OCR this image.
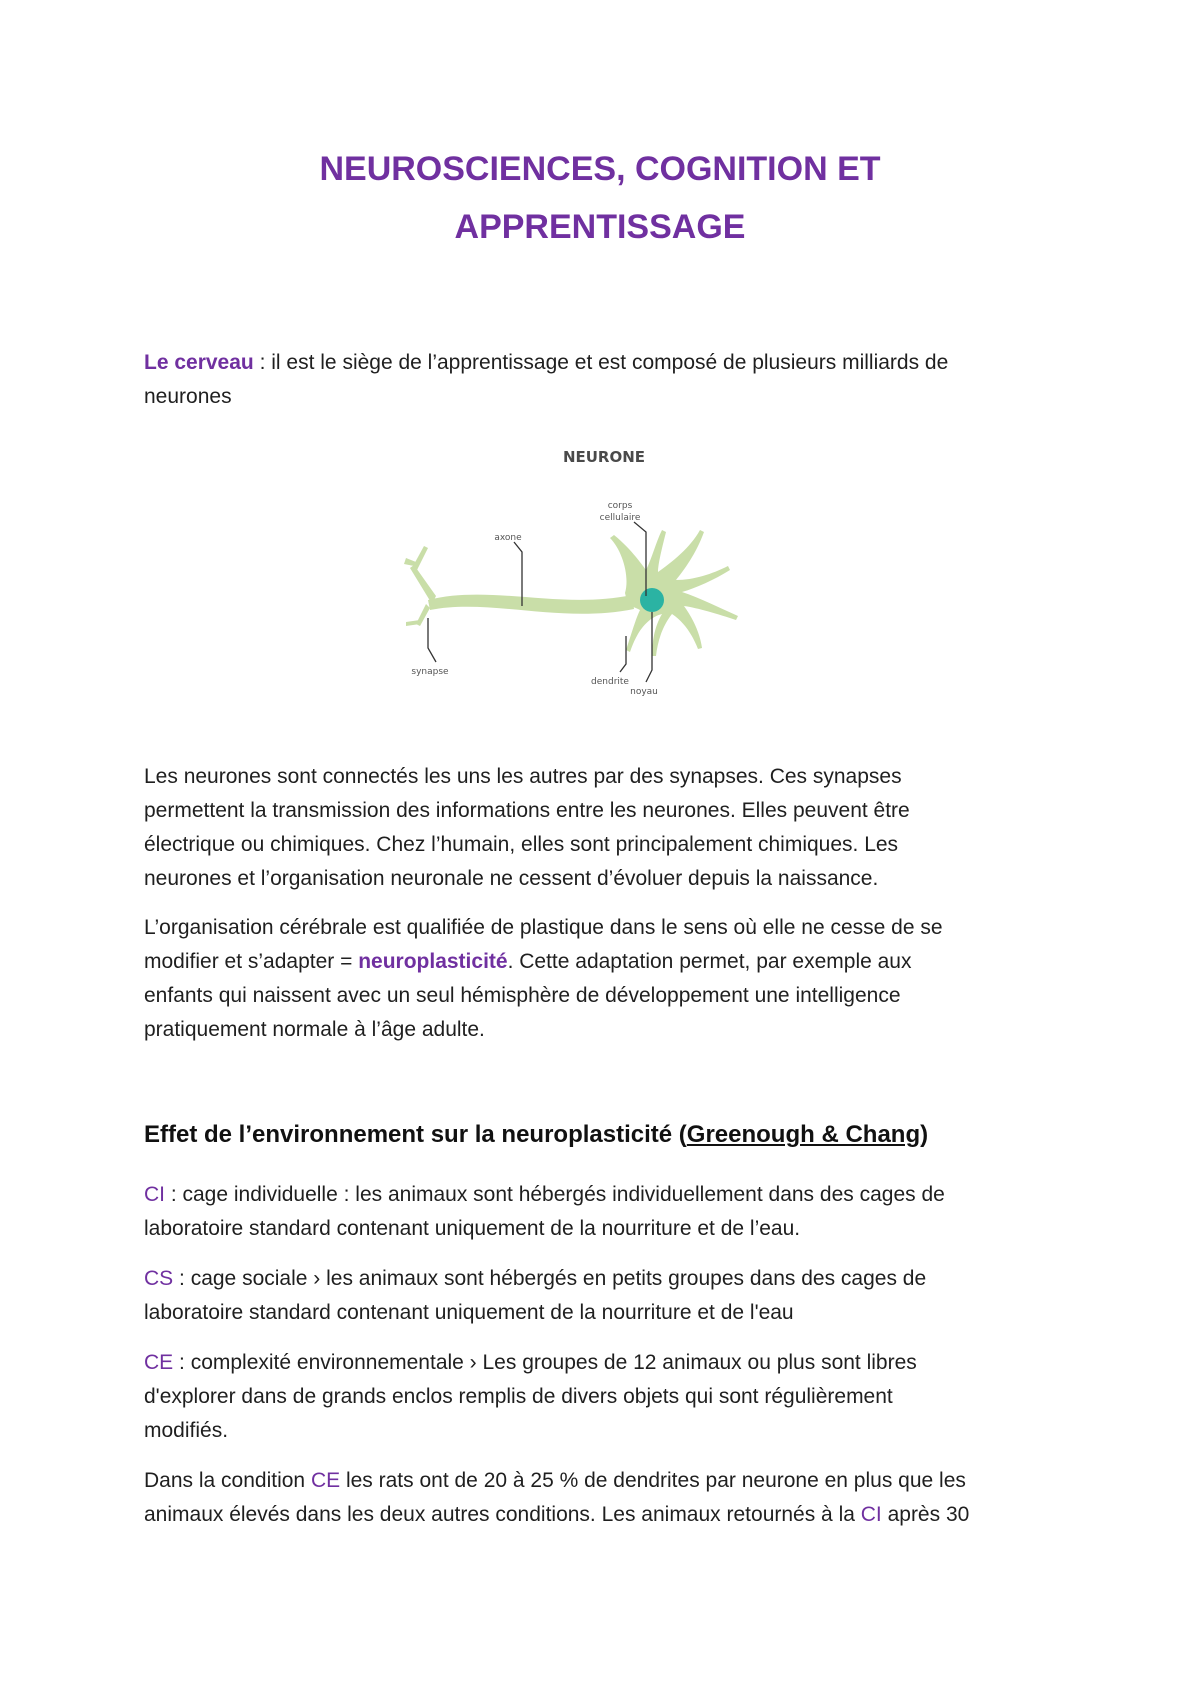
NEUROSCIENCES, COGNITION ET
APPRENTISSAGE

Le cerveau : il est le siège de l’apprentissage et est composé de plusieurs milliards de
neurones

NEURONE
axone
corps
cellulaire
synapse
dendrite
noyau

Les neurones sont connectés les uns les autres par des synapses. Ces synapses
permettent la transmission des informations entre les neurones. Elles peuvent être
électrique ou chimiques. Chez l’humain, elles sont principalement chimiques. Les
neurones et l’organisation neuronale ne cessent d’évoluer depuis la naissance.

L’organisation cérébrale est qualifiée de plastique dans le sens où elle ne cesse de se
modifier et s’adapter = neuroplasticité. Cette adaptation permet, par exemple aux
enfants qui naissent avec un seul hémisphère de développement une intelligence
pratiquement normale à l’âge adulte.

Effet de l’environnement sur la neuroplasticité (Greenough & Chang)

CI : cage individuelle : les animaux sont hébergés individuellement dans des cages de
laboratoire standard contenant uniquement de la nourriture et de l’eau.

CS : cage sociale › les animaux sont hébergés en petits groupes dans des cages de
laboratoire standard contenant uniquement de la nourriture et de l'eau

CE : complexité environnementale › Les groupes de 12 animaux ou plus sont libres
d'explorer dans de grands enclos remplis de divers objets qui sont régulièrement
modifiés.

Dans la condition CE les rats ont de 20 à 25 % de dendrites par neurone en plus que les
animaux élevés dans les deux autres conditions. Les animaux retournés à la CI après 30
